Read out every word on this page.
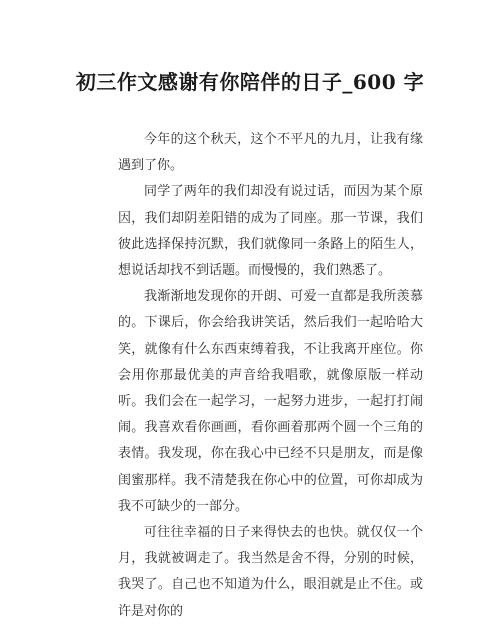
初三作文感谢有你陪伴的日子_600 字

今年的这个秋天，这个不平凡的九月，让我有缘遇到了你。

同学了两年的我们却没有说过话，而因为某个原因，我们却阴差阳错的成为了同座。那一节课，我们彼此选择保持沉默，我们就像同一条路上的陌生人，想说话却找不到话题。而慢慢的，我们熟悉了。

我渐渐地发现你的开朗、可爱一直都是我所羡慕的。下课后，你会给我讲笑话，然后我们一起哈哈大笑，就像有什么东西束缚着我，不让我离开座位。你会用你那最优美的声音给我唱歌，就像原版一样动听。我们会在一起学习，一起努力进步，一起打打闹闹。我喜欢看你画画，看你画着那两个圆一个三角的表情。我发现，你在我心中已经不只是朋友，而是像闺蜜那样。我不清楚我在你心中的位置，可你却成为我不可缺少的一部分。

可往往幸福的日子来得快去的也快。就仅仅一个月，我就被调走了。我当然是舍不得，分别的时候，我哭了。自己也不知道为什么，眼泪就是止不住。或许是对你的
